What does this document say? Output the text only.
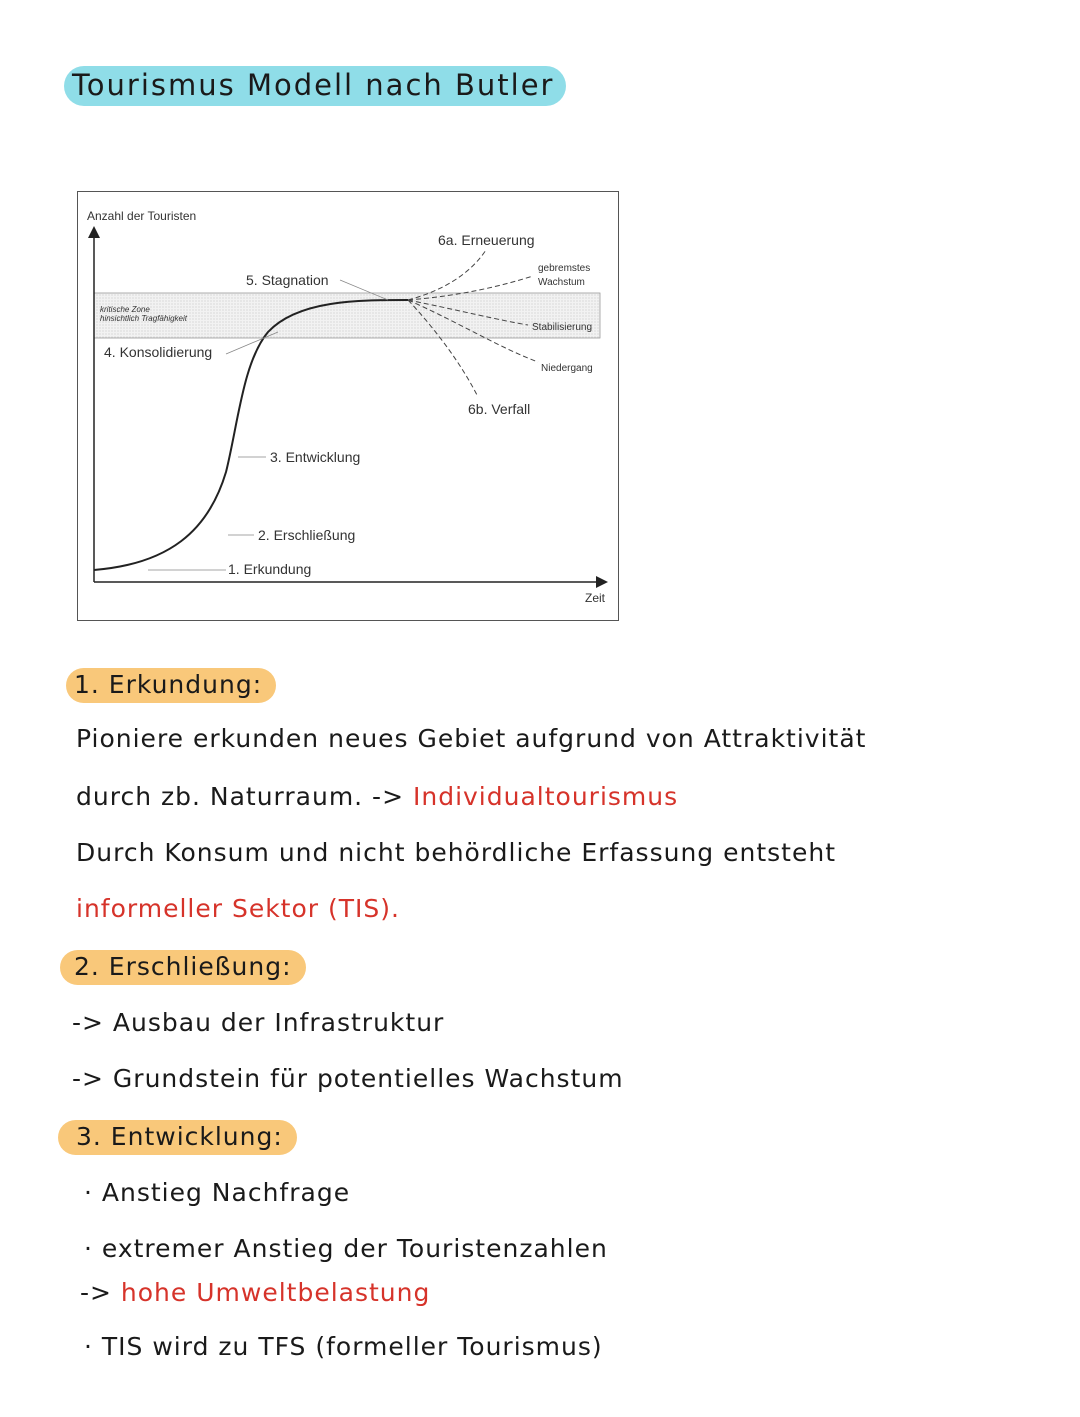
Tourismus Modell nach Butler
kritische Zone
hinsichtlich Tragfähigkeit
Anzahl der Touristen
Zeit
1. Erkundung
2. Erschließung
3. Entwicklung
4. Konsolidierung
5. Stagnation
6a. Erneuerung
6b. Verfall
gebremstes
Wachstum
Stabilisierung
Niedergang
1. Erkundung:
Pioniere erkunden neues Gebiet aufgrund von Attraktivität
durch zb. Naturraum. -> Individualtourismus
Durch Konsum und nicht behördliche Erfassung entsteht
informeller Sektor (TIS).
2. Erschließung:
-> Ausbau der Infrastruktur
-> Grundstein für potentielles Wachstum
3. Entwicklung:
· Anstieg Nachfrage
· extremer Anstieg der Touristenzahlen
-> hohe Umweltbelastung
· TIS wird zu TFS (formeller Tourismus)
